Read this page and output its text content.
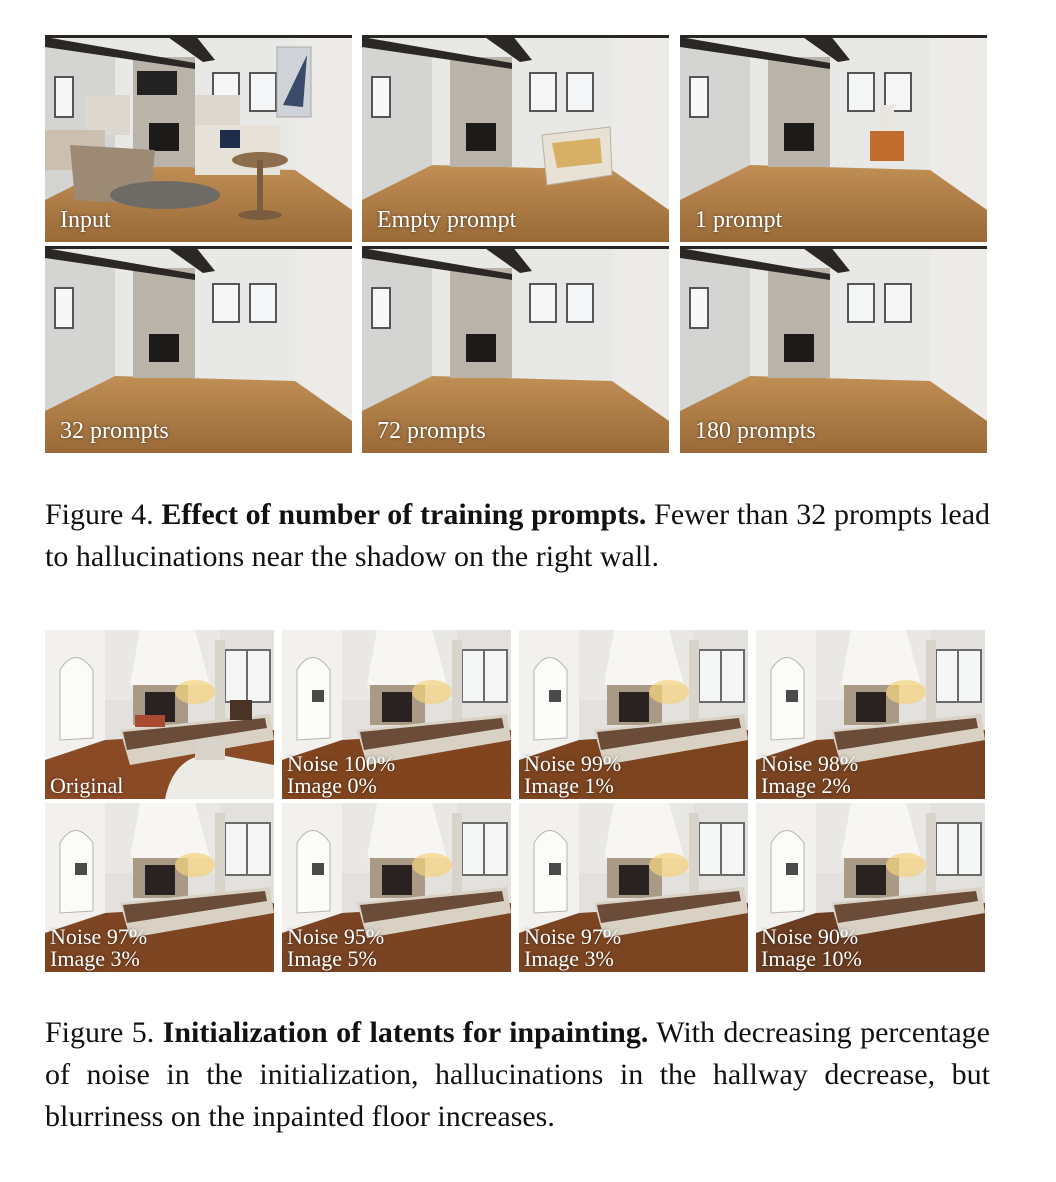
Input	Empty prompt	1 prompt
32 prompts	72 prompts	180 prompts

Figure 4. Effect of number of training prompts. Fewer than 32 prompts lead to hallucinations near the shadow on the right wall.

Original
Noise 100%
Image 0%
Noise 99%
Image 1%
Noise 98%
Image 2%
Noise 97%
Image 3%
Noise 95%
Image 5%
Noise 97%
Image 3%
Noise 90%
Image 10%

Figure 5. Initialization of latents for inpainting. With decreasing percentage of noise in the initialization, hallucinations in the hallway decrease, but blurriness on the inpainted floor increases.
